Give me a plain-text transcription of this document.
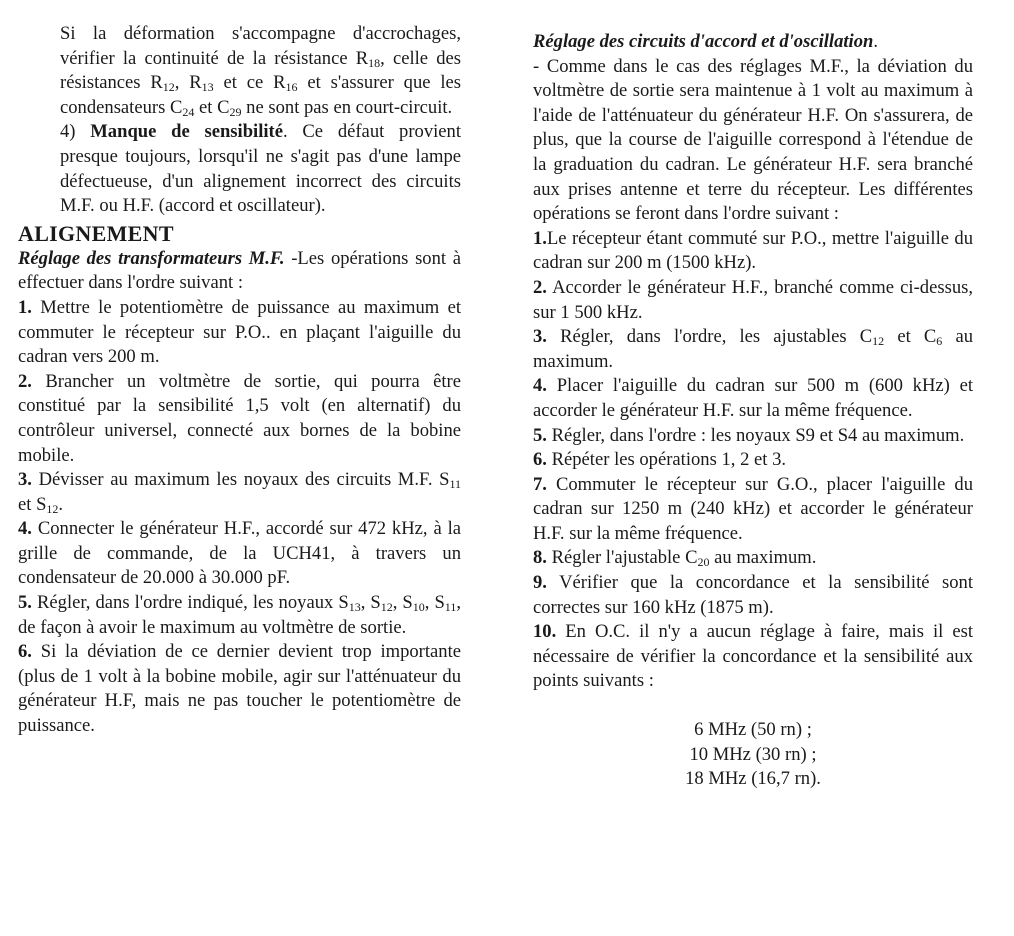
Si la déformation s'accompagne d'accrochages, vérifier la continuité de la résistance $R_{18}$, celle des résistances $R_{12}$, $R_{13}$ et ce $R_{16}$ et s'assurer que les condensateurs $C_{24}$ et $C_{29}$ ne sont pas en court-circuit.

4) Manque de sensibilité. Ce défaut provient presque toujours, lorsqu'il ne s'agit pas d'une lampe défectueuse, d'un alignement incorrect des circuits M.F. ou H.F. (accord et oscillateur).

ALIGNEMENT

Réglage des transformateurs M.F. -Les opérations sont à effectuer dans l'ordre suivant :

1. Mettre le potentiomètre de puissance au maximum et commuter le récepteur sur P.O.. en plaçant l'aiguille du cadran vers 200 m.

2. Brancher un voltmètre de sortie, qui pourra être constitué par la sensibilité 1,5 volt (en alternatif) du contrôleur universel, connecté aux bornes de la bobine mobile.

3. Dévisser au maximum les noyaux des circuits M.F. $S_{11}$ et $S_{12}$.

4. Connecter le générateur H.F., accordé sur 472 kHz, à la grille de commande, de la UCH41, à travers un condensateur de 20.000 à 30.000 pF.

5. Régler, dans l'ordre indiqué, les noyaux $S_{13}$, $S_{12}$, $S_{10}$, $S_{11}$, de façon à avoir le maximum au voltmètre de sortie.

6. Si la déviation de ce dernier devient trop importante (plus de 1 volt à la bobine mobile, agir sur l'atténuateur du générateur H.F, mais ne pas toucher le potentiomètre de puissance.

Réglage des circuits d'accord et d'oscillation.

- Comme dans le cas des réglages M.F., la déviation du voltmètre de sortie sera maintenue à 1 volt au maximum à l'aide de l'atténuateur du générateur H.F. On s'assurera, de plus, que la course de l'aiguille correspond à l'étendue de la graduation du cadran. Le générateur H.F. sera branché aux prises antenne et terre du récepteur. Les différentes opérations se feront dans l'ordre suivant :

1.Le récepteur étant commuté sur P.O., mettre l'aiguille du cadran sur 200 m (1500 kHz).

2. Accorder le générateur H.F., branché comme ci-dessus, sur 1 500 kHz.

3. Régler, dans l'ordre, les ajustables $C_{12}$ et $C_6$ au maximum.

4. Placer l'aiguille du cadran sur 500 m (600 kHz) et accorder le générateur H.F. sur la même fréquence.

5. Régler, dans l'ordre : les noyaux S9 et S4 au maximum.

6. Répéter les opérations 1, 2 et 3.

7. Commuter le récepteur sur G.O., placer l'aiguille du cadran sur 1250 m (240 kHz) et accorder le générateur H.F. sur la même fréquence.

8. Régler l'ajustable $C_{20}$ au maximum.

9. Vérifier que la concordance et la sensibilité sont correctes sur 160 kHz (1875 m).

10. En O.C. il n'y a aucun réglage à faire, mais il est nécessaire de vérifier la concordance et la sensibilité aux points suivants :

6 MHz (50 rn) ;

10 MHz (30 rn) ;

18 MHz (16,7 rn).
